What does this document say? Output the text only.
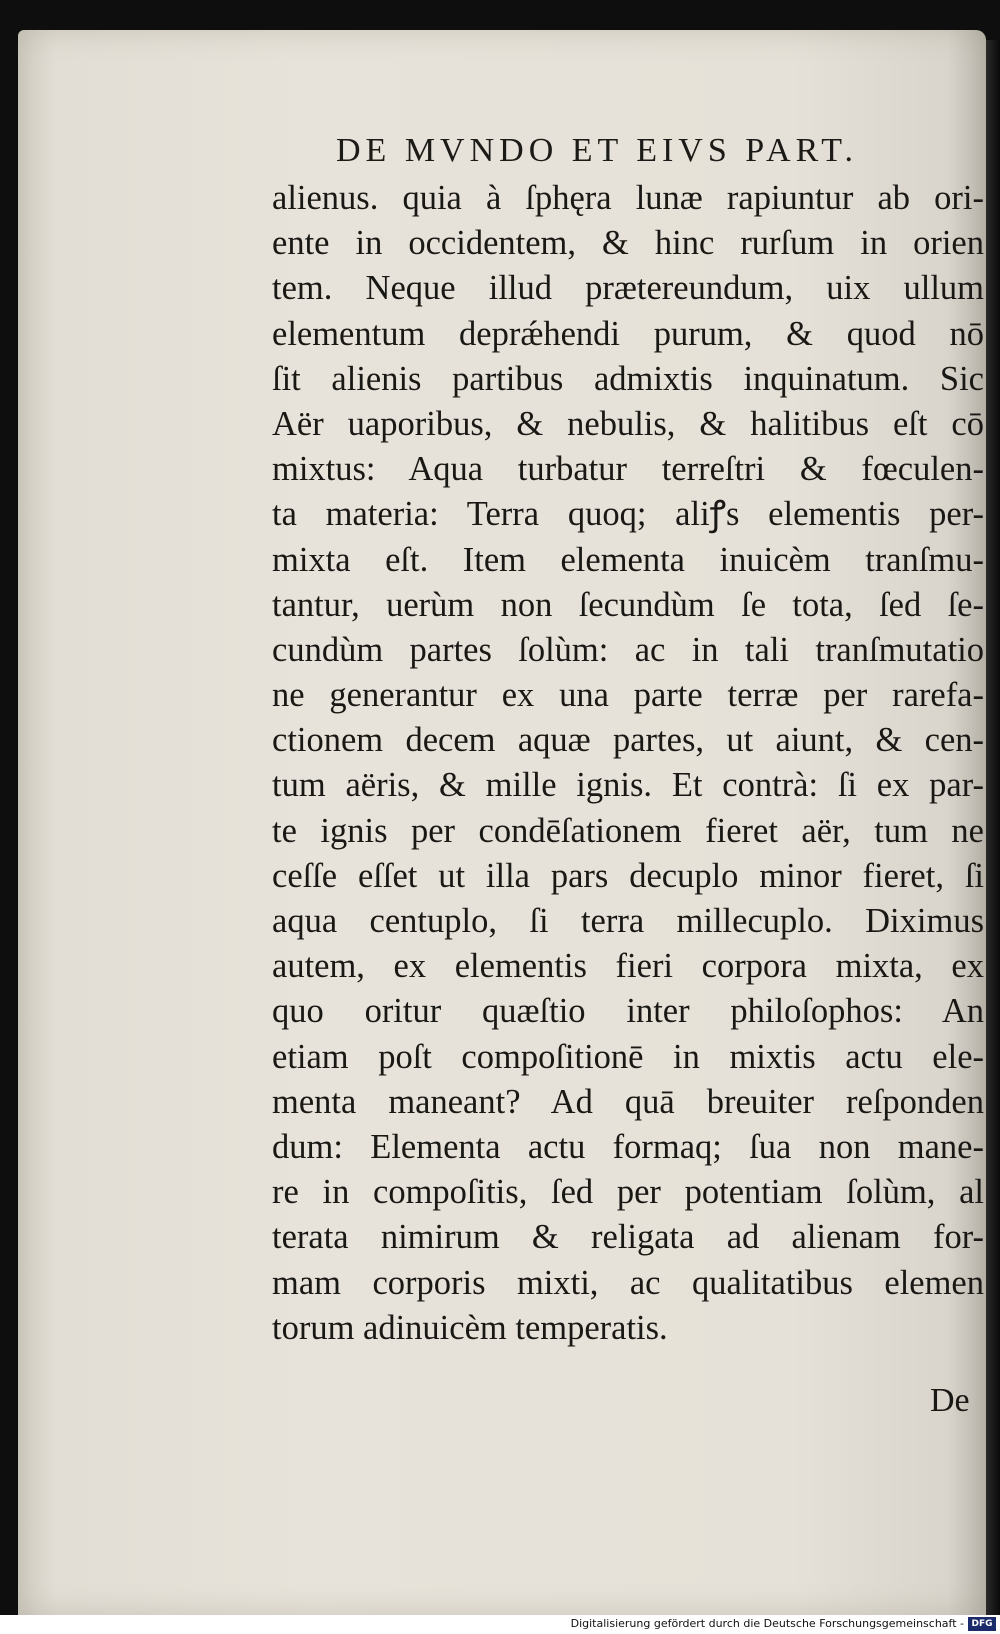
DE MVNDO ET EIVS PART.
alienus. quia à ſphęra lunæ rapiuntur ab ori-
ente in occidentem, & hinc rurſum in orien
tem. Neque illud prætereundum, uix ullum
elementum deprǽhendi purum, & quod nō
ſit alienis partibus admixtis inquinatum. Sic
Aër uaporibus, & nebulis, & halitibus eſt cō
mixtus: Aqua turbatur terreſtri & fœculen-
ta materia: Terra quoq; aliꝭs elementis per-
mixta eſt. Item elementa inuicèm tranſmu-
tantur, uerùm non ſecundùm ſe tota, ſed ſe-
cundùm partes ſolùm: ac in tali tranſmutatio
ne generantur ex una parte terræ per rarefa-
ctionem decem aquæ partes, ut aiunt, & cen-
tum aëris, & mille ignis. Et contrà: ſi ex par-
te ignis per condēſationem fieret aër, tum ne
ceſſe eſſet ut illa pars decuplo minor fieret, ſi
aqua centuplo, ſi terra millecuplo. Diximus
autem, ex elementis fieri corpora mixta, ex
quo oritur quæſtio inter philoſophos: An
etiam poſt compoſitionē in mixtis actu ele-
menta maneant? Ad quā breuiter reſponden
dum: Elementa actu formaq; ſua non mane-
re in compoſitis, ſed per potentiam ſolùm, al
terata nimirum & religata ad alienam for-
mam corporis mixti, ac qualitatibus elemen
torum adinuicèm temperatis.
De
Digitalisierung gefördert durch die Deutsche Forschungsgemeinschaft - DFG
